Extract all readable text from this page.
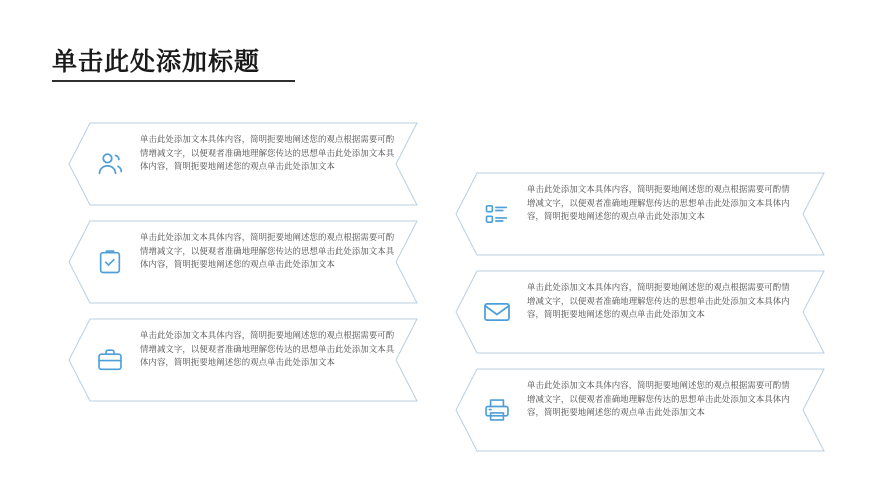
单击此处添加标题
单击此处添加文本具体内容，简明扼要地阐述您的观点根据需要可酌情增减文字，以便观者准确地理解您传达的思想单击此处添加文本具体内容，简明扼要地阐述您的观点单击此处添加文本
单击此处添加文本具体内容，简明扼要地阐述您的观点根据需要可酌情增减文字，以便观者准确地理解您传达的思想单击此处添加文本具体内容，简明扼要地阐述您的观点单击此处添加文本
单击此处添加文本具体内容，简明扼要地阐述您的观点根据需要可酌情增减文字，以便观者准确地理解您传达的思想单击此处添加文本具体内容，简明扼要地阐述您的观点单击此处添加文本
单击此处添加文本具体内容，简明扼要地阐述您的观点根据需要可酌情增减文字，以便观者准确地理解您传达的思想单击此处添加文本具体内容，简明扼要地阐述您的观点单击此处添加文本
单击此处添加文本具体内容，简明扼要地阐述您的观点根据需要可酌情增减文字，以便观者准确地理解您传达的思想单击此处添加文本具体内容，简明扼要地阐述您的观点单击此处添加文本
单击此处添加文本具体内容，简明扼要地阐述您的观点根据需要可酌情增减文字，以便观者准确地理解您传达的思想单击此处添加文本具体内容，简明扼要地阐述您的观点单击此处添加文本
